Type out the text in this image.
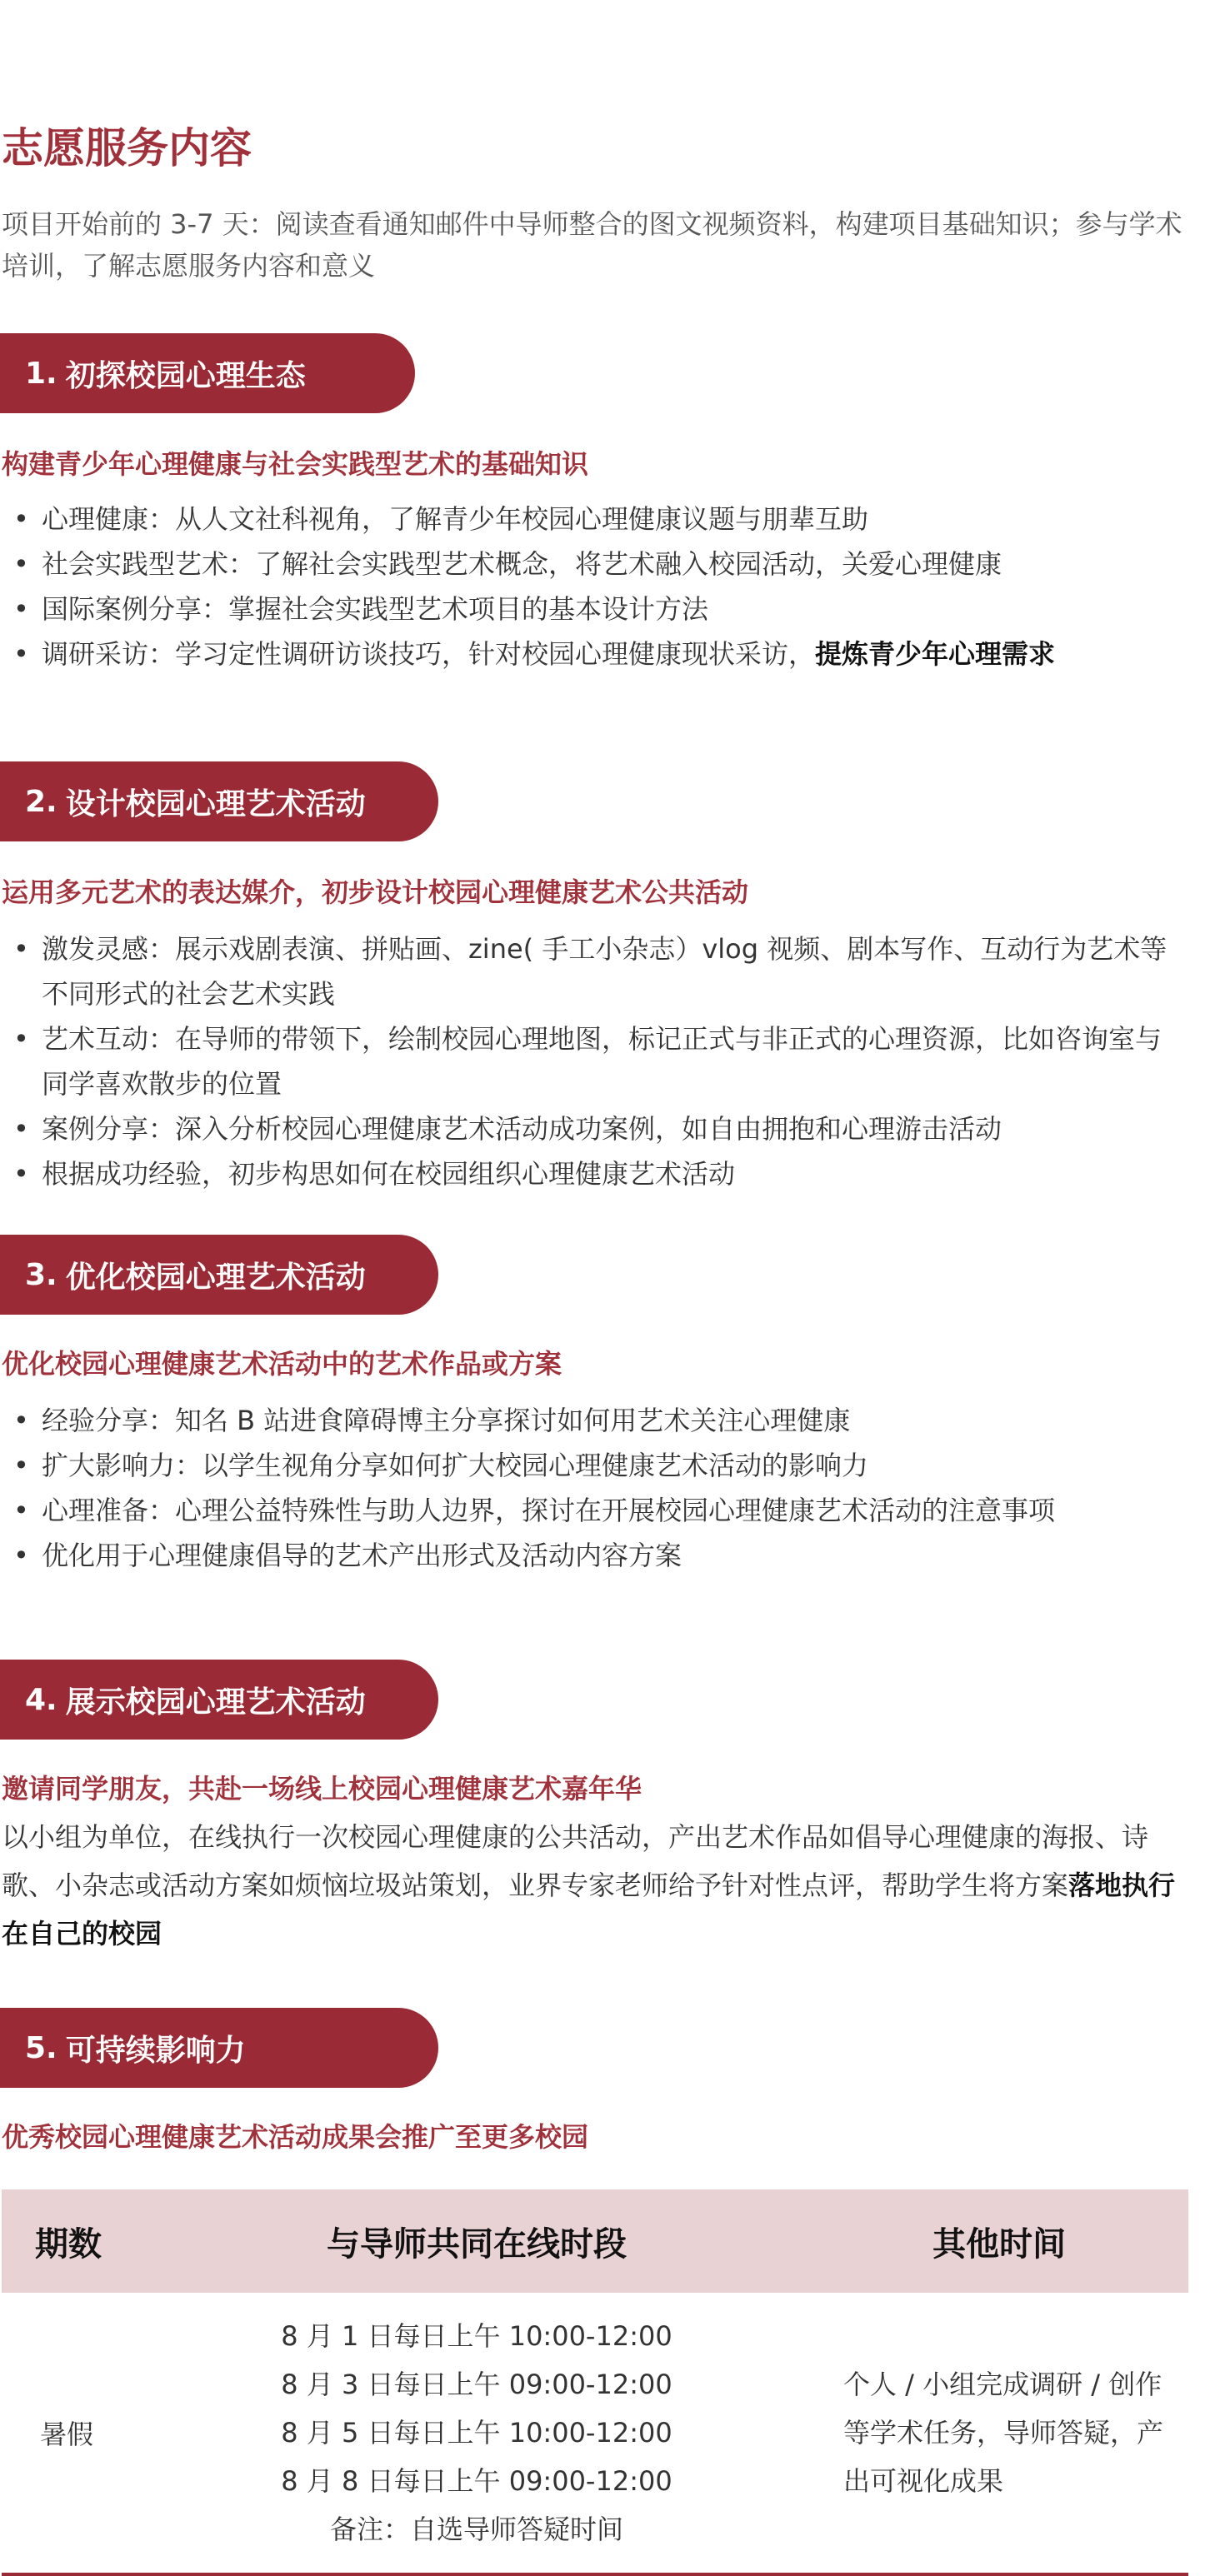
志愿服务内容

项目开始前的 3-7 天：阅读查看通知邮件中导师整合的图文视频资料，构建项目基础知识；参与学术培训，了解志愿服务内容和意义

1. 初探校园心理生态

构建青少年心理健康与社会实践型艺术的基础知识

• 心理健康：从人文社科视角，了解青少年校园心理健康议题与朋辈互助
• 社会实践型艺术：了解社会实践型艺术概念，将艺术融入校园活动，关爱心理健康
• 国际案例分享：掌握社会实践型艺术项目的基本设计方法
• 调研采访：学习定性调研访谈技巧，针对校园心理健康现状采访，提炼青少年心理需求
2. 设计校园心理艺术活动

运用多元艺术的表达媒介，初步设计校园心理健康艺术公共活动

• 激发灵感：展示戏剧表演、拼贴画、zine( 手工小杂志）vlog 视频、剧本写作、互动行为艺术等不同形式的社会艺术实践
• 艺术互动：在导师的带领下，绘制校园心理地图，标记正式与非正式的心理资源，比如咨询室与同学喜欢散步的位置
• 案例分享：深入分析校园心理健康艺术活动成功案例，如自由拥抱和心理游击活动
• 根据成功经验，初步构思如何在校园组织心理健康艺术活动
3. 优化校园心理艺术活动

优化校园心理健康艺术活动中的艺术作品或方案

• 经验分享：知名 B 站进食障碍博主分享探讨如何用艺术关注心理健康
• 扩大影响力：以学生视角分享如何扩大校园心理健康艺术活动的影响力
• 心理准备：心理公益特殊性与助人边界，探讨在开展校园心理健康艺术活动的注意事项
• 优化用于心理健康倡导的艺术产出形式及活动内容方案
4. 展示校园心理艺术活动

邀请同学朋友，共赴一场线上校园心理健康艺术嘉年华

以小组为单位，在线执行一次校园心理健康的公共活动，产出艺术作品如倡导心理健康的海报、诗歌、小杂志或活动方案如烦恼垃圾站策划，业界专家老师给予针对性点评，帮助学生将方案落地执行在自己的校园

5. 可持续影响力

优秀校园心理健康艺术活动成果会推广至更多校园

期数	与导师共同在线时段	其他时间
暑假
8 月 1 日每日上午 10:00-12:00
8 月 3 日每日上午 09:00-12:00
8 月 5 日每日上午 10:00-12:00
8 月 8 日每日上午 09:00-12:00
备注：自选导师答疑时间
个人 / 小组完成调研 / 创作等学术任务，导师答疑，产出可视化成果
